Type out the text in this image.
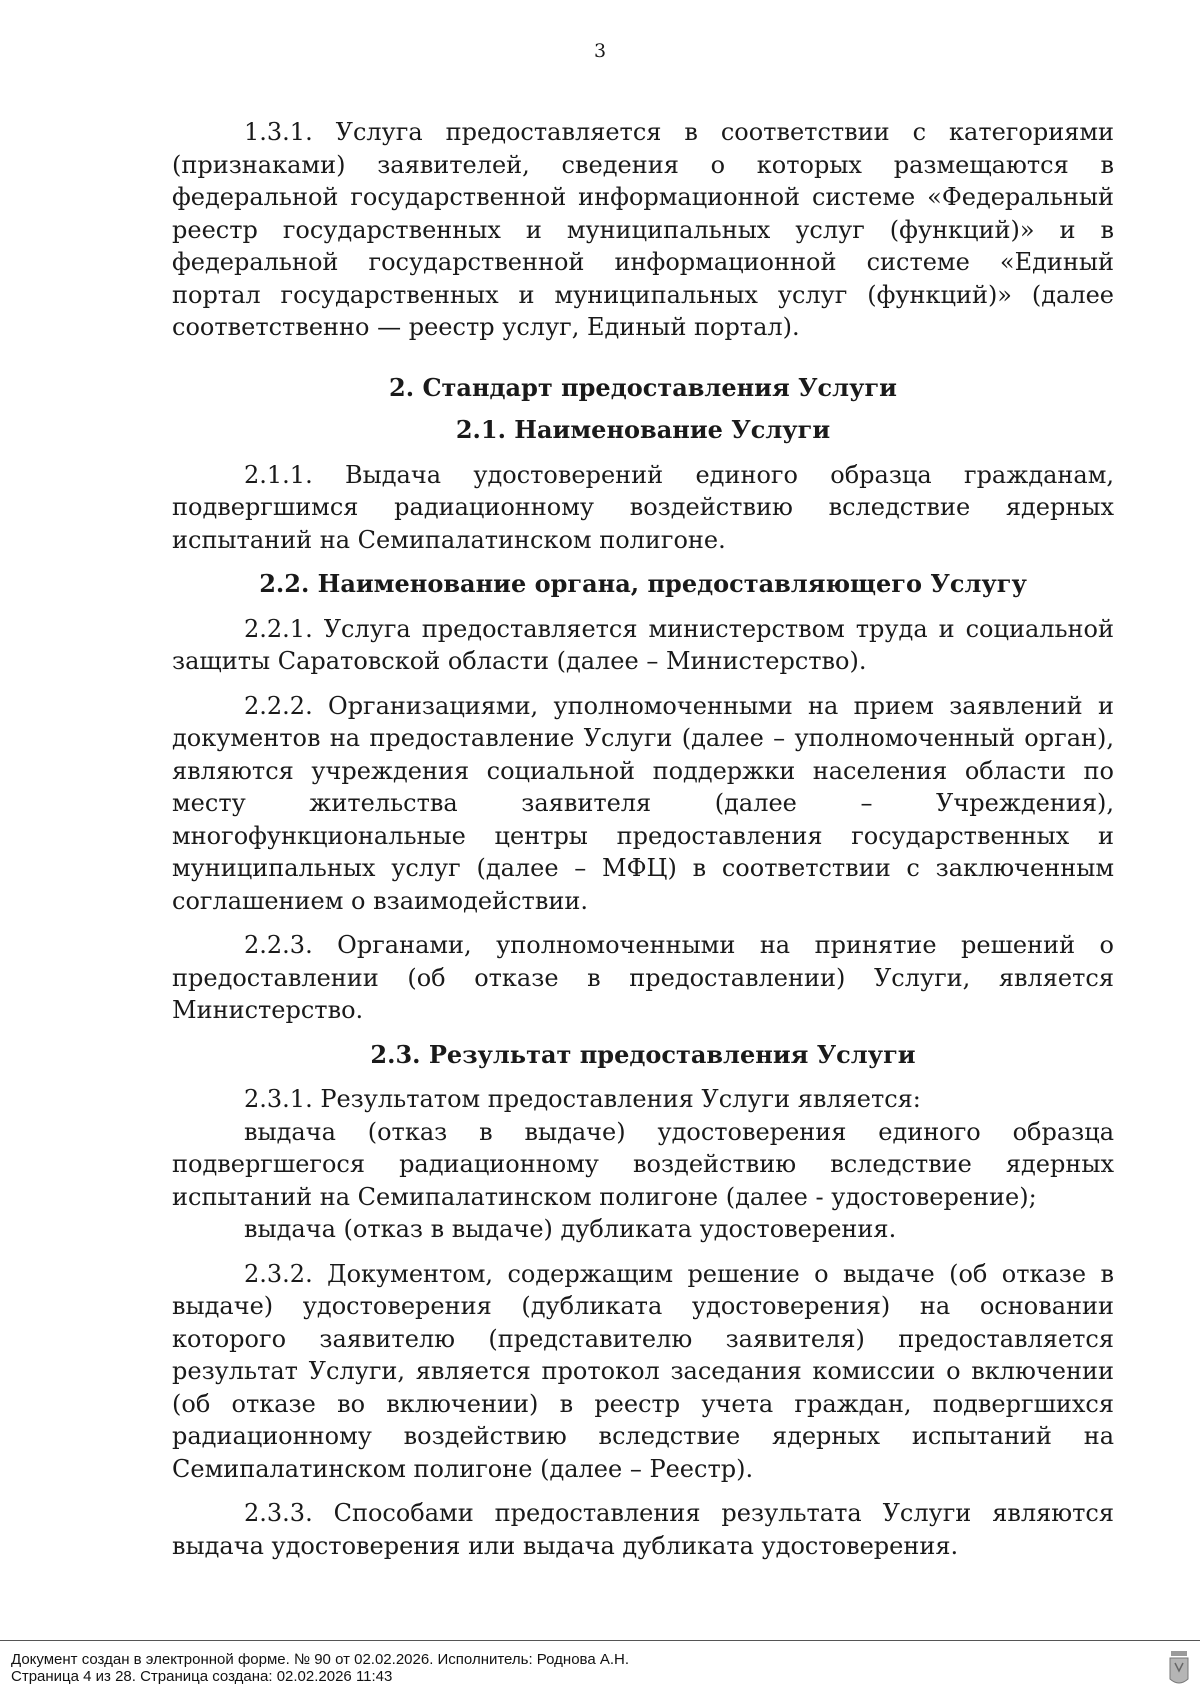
3

1.3.1. Услуга предоставляется в соответствии с категориями (признаками) заявителей, сведения о которых размещаются в федеральной государственной информационной системе «Федеральный реестр государственных и муниципальных услуг (функций)» и в федеральной государственной информационной системе «Единый портал государственных и муниципальных услуг (функций)» (далее соответственно — реестр услуг, Единый портал).

2. Стандарт предоставления Услуги
2.1. Наименование Услуги

2.1.1. Выдача удостоверений единого образца гражданам, подвергшимся радиационному воздействию вследствие ядерных испытаний на Семипалатинском полигоне.

2.2. Наименование органа, предоставляющего Услугу

2.2.1. Услуга предоставляется министерством труда и социальной защиты Саратовской области (далее – Министерство).

2.2.2. Организациями, уполномоченными на прием заявлений и документов на предоставление Услуги (далее – уполномоченный орган), являются учреждения социальной поддержки населения области по месту жительства заявителя (далее – Учреждения), многофункциональные центры предоставления государственных и муниципальных услуг (далее – МФЦ) в соответствии с заключенным соглашением о взаимодействии.

2.2.3. Органами, уполномоченными на принятие решений о предоставлении (об отказе в предоставлении) Услуги, является Министерство.

2.3. Результат предоставления Услуги

2.3.1. Результатом предоставления Услуги является:

выдача (отказ в выдаче) удостоверения единого образца подвергшегося радиационному воздействию вследствие ядерных испытаний на Семипалатинском полигоне (далее - удостоверение);

выдача (отказ в выдаче) дубликата удостоверения.

2.3.2. Документом, содержащим решение о выдаче (об отказе в выдаче) удостоверения (дубликата удостоверения) на основании которого заявителю (представителю заявителя) предоставляется результат Услуги, является протокол заседания комиссии о включении (об отказе во включении) в реестр учета граждан, подвергшихся радиационному воздействию вследствие ядерных испытаний на Семипалатинском полигоне (далее – Реестр).

2.3.3. Способами предоставления результата Услуги являются выдача удостоверения или выдача дубликата удостоверения.

Документ создан в электронной форме. № 90 от 02.02.2026. Исполнитель: Роднова А.Н.
Страница 4 из 28. Страница создана: 02.02.2026 11:43
